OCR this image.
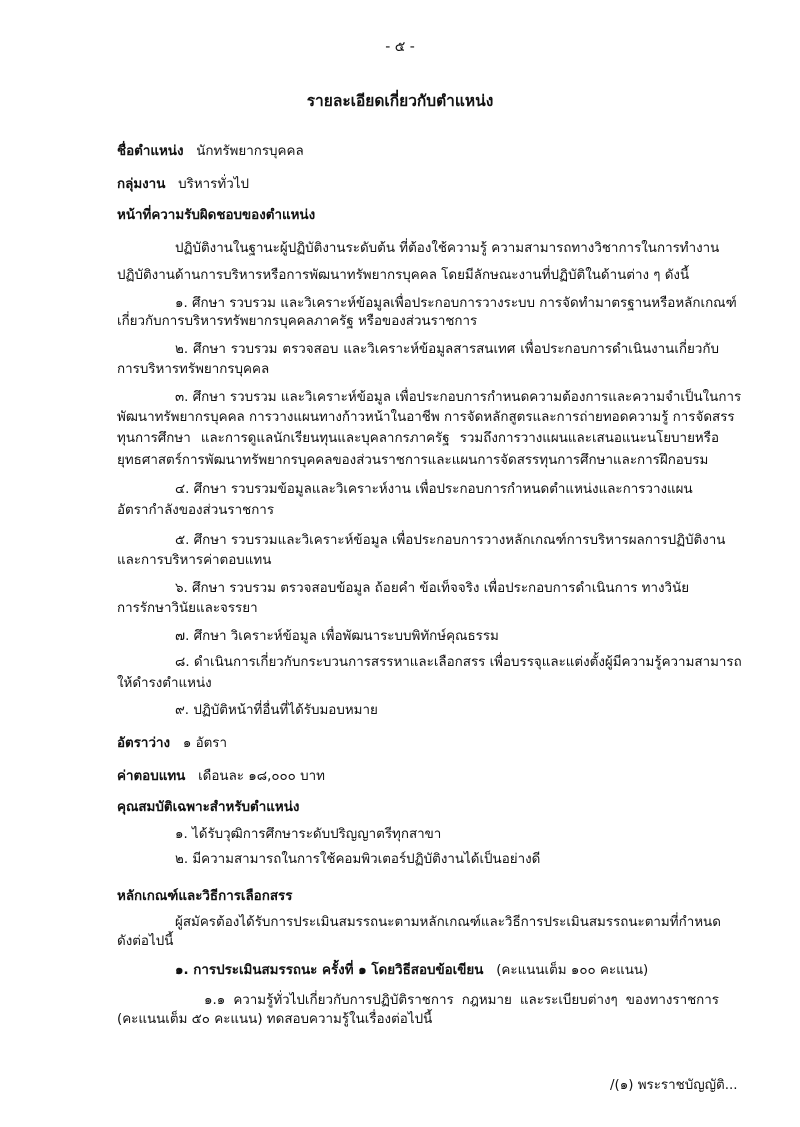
- ๕ -
รายละเอียดเกี่ยวกับตำแหน่ง
ชื่อตำแหน่ง นักทรัพยากรบุคคล
กลุ่มงาน บริหารทั่วไป
หน้าที่ความรับผิดชอบของตำแหน่ง
ปฏิบัติงานในฐานะผู้ปฏิบัติงานระดับต้น ที่ต้องใช้ความรู้ ความสามารถทางวิชาการในการทำงาน
ปฏิบัติงานด้านการบริหารหรือการพัฒนาทรัพยากรบุคคล โดยมีลักษณะงานที่ปฏิบัติในด้านต่าง ๆ ดังนี้
๑. ศึกษา รวบรวม และวิเคราะห์ข้อมูลเพื่อประกอบการวางระบบ การจัดทำมาตรฐานหรือหลักเกณฑ์
เกี่ยวกับการบริหารทรัพยากรบุคคลภาครัฐ หรือของส่วนราชการ
๒. ศึกษา รวบรวม ตรวจสอบ และวิเคราะห์ข้อมูลสารสนเทศ เพื่อประกอบการดำเนินงานเกี่ยวกับ
การบริหารทรัพยากรบุคคล
๓. ศึกษา รวบรวม และวิเคราะห์ข้อมูล เพื่อประกอบการกำหนดความต้องการและความจำเป็นในการ
พัฒนาทรัพยากรบุคคล การวางแผนทางก้าวหน้าในอาชีพ การจัดหลักสูตรและการถ่ายทอดความรู้ การจัดสรร
ทุนการศึกษา และการดูแลนักเรียนทุนและบุคลากรภาครัฐ รวมถึงการวางแผนและเสนอแนะนโยบายหรือ
ยุทธศาสตร์การพัฒนาทรัพยากรบุคคลของส่วนราชการและแผนการจัดสรรทุนการศึกษาและการฝึกอบรม
๔. ศึกษา รวบรวมข้อมูลและวิเคราะห์งาน เพื่อประกอบการกำหนดตำแหน่งและการวางแผน
อัตรากำลังของส่วนราชการ
๕. ศึกษา รวบรวมและวิเคราะห์ข้อมูล เพื่อประกอบการวางหลักเกณฑ์การบริหารผลการปฏิบัติงาน
และการบริหารค่าตอบแทน
๖. ศึกษา รวบรวม ตรวจสอบข้อมูล ถ้อยคำ ข้อเท็จจริง เพื่อประกอบการดำเนินการ ทางวินัย
การรักษาวินัยและจรรยา
๗. ศึกษา วิเคราะห์ข้อมูล เพื่อพัฒนาระบบพิทักษ์คุณธรรม
๘. ดำเนินการเกี่ยวกับกระบวนการสรรหาและเลือกสรร เพื่อบรรจุและแต่งตั้งผู้มีความรู้ความสามารถ
ให้ดำรงตำแหน่ง
๙. ปฏิบัติหน้าที่อื่นที่ได้รับมอบหมาย
อัตราว่าง ๑ อัตรา
ค่าตอบแทน เดือนละ ๑๘,๐๐๐ บาท
คุณสมบัติเฉพาะสำหรับตำแหน่ง
๑. ได้รับวุฒิการศึกษาระดับปริญญาตรีทุกสาขา
๒. มีความสามารถในการใช้คอมพิวเตอร์ปฏิบัติงานได้เป็นอย่างดี
หลักเกณฑ์และวิธีการเลือกสรร
ผู้สมัครต้องได้รับการประเมินสมรรถนะตามหลักเกณฑ์และวิธีการประเมินสมรรถนะตามที่กำหนด
ดังต่อไปนี้
๑. การประเมินสมรรถนะ ครั้งที่ ๑ โดยวิธีสอบข้อเขียน (คะแนนเต็ม ๑๐๐ คะแนน)
๑.๑ ความรู้ทั่วไปเกี่ยวกับการปฏิบัติราชการ กฎหมาย และระเบียบต่างๆ ของทางราชการ
(คะแนนเต็ม ๕๐ คะแนน) ทดสอบความรู้ในเรื่องต่อไปนี้
/(๑) พระราชบัญญัติ...
